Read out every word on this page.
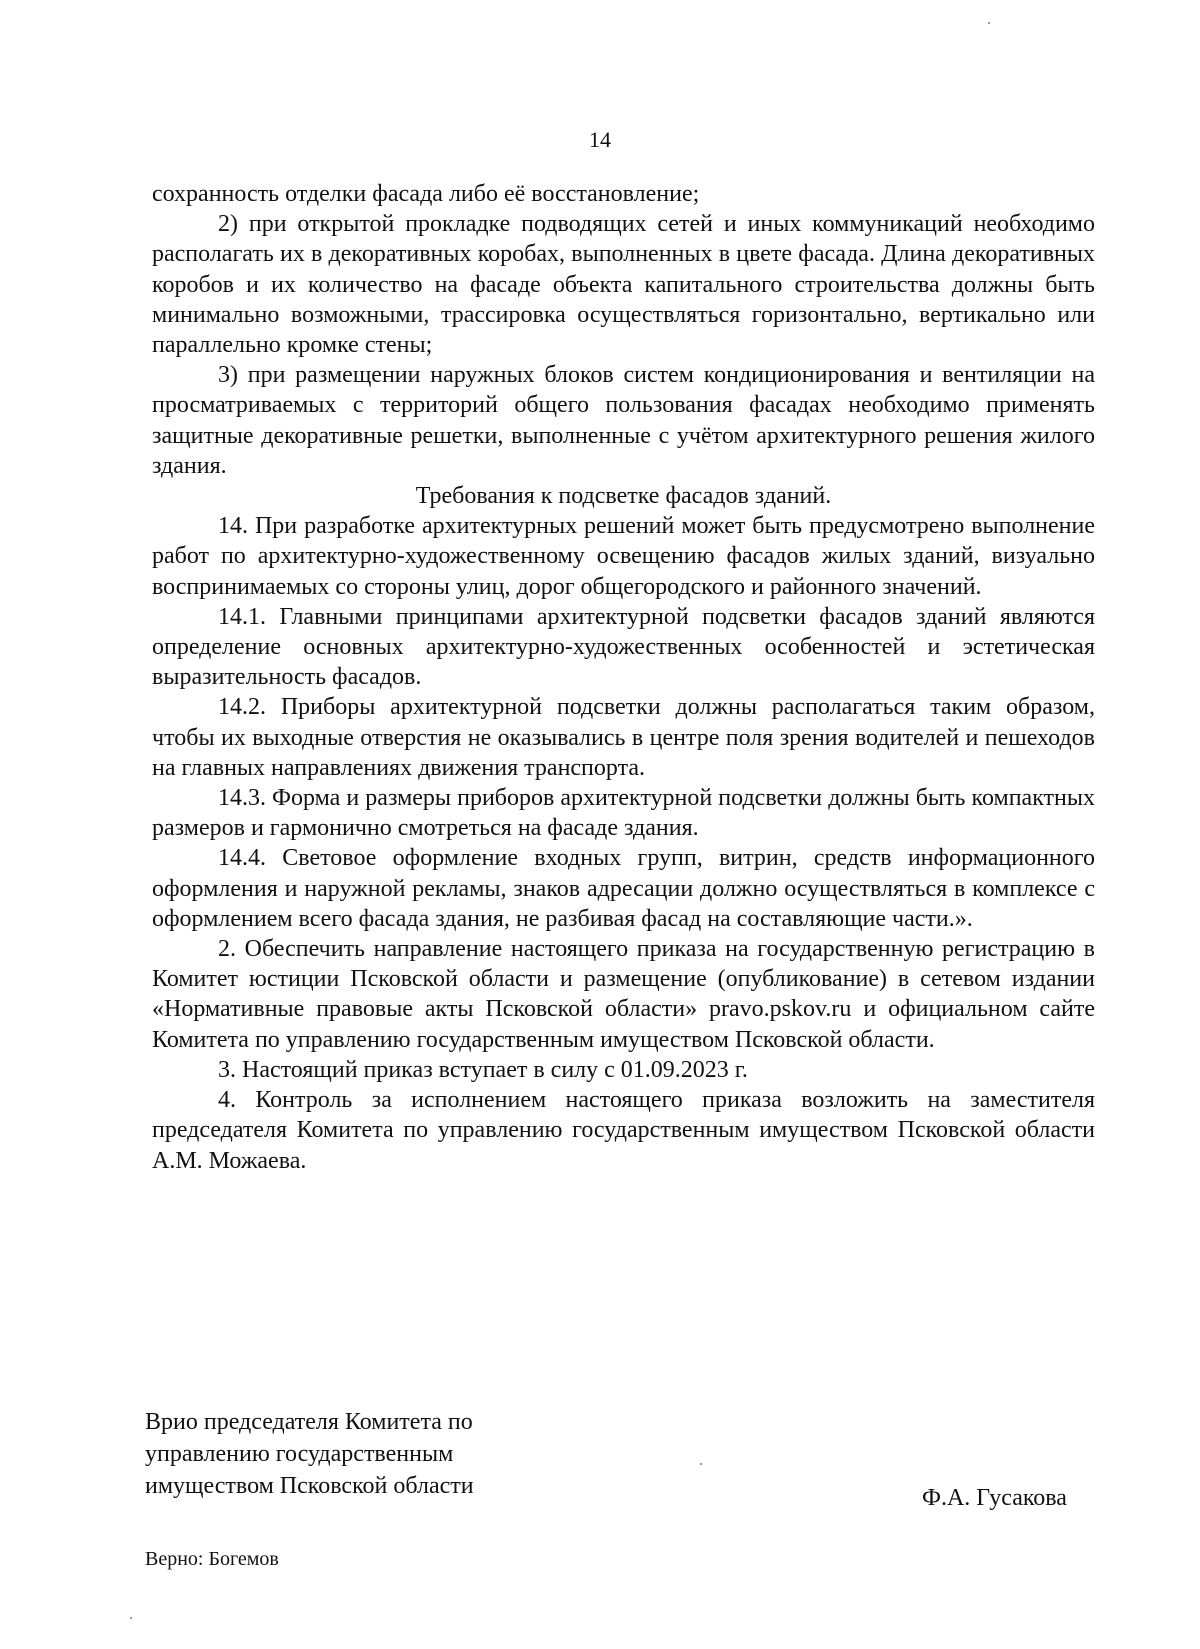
14

сохранность отделки фасада либо её восстановление;

2) при открытой прокладке подводящих сетей и иных коммуникаций необходимо располагать их в декоративных коробах, выполненных в цвете фасада. Длина декоративных коробов и их количество на фасаде объекта капитального строительства должны быть минимально возможными, трассировка осуществляться горизонтально, вертикально или параллельно кромке стены;

3) при размещении наружных блоков систем кондиционирования и вентиляции на просматриваемых с территорий общего пользования фасадах необходимо применять защитные декоративные решетки, выполненные с учётом архитектурного решения жилого здания.

Требования к подсветке фасадов зданий.

14. При разработке архитектурных решений может быть предусмотрено выполнение работ по архитектурно-художественному освещению фасадов жилых зданий, визуально воспринимаемых со стороны улиц, дорог общегородского и районного значений.

14.1. Главными принципами архитектурной подсветки фасадов зданий являются определение основных архитектурно-художественных особенностей и эстетическая выразительность фасадов.

14.2. Приборы архитектурной подсветки должны располагаться таким образом, чтобы их выходные отверстия не оказывались в центре поля зрения водителей и пешеходов на главных направлениях движения транспорта.

14.3. Форма и размеры приборов архитектурной подсветки должны быть компактных размеров и гармонично смотреться на фасаде здания.

14.4. Световое оформление входных групп, витрин, средств информационного оформления и наружной рекламы, знаков адресации должно осуществляться в комплексе с оформлением всего фасада здания, не разбивая фасад на составляющие части.».

2. Обеспечить направление настоящего приказа на государственную регистрацию в Комитет юстиции Псковской области и размещение (опубликование) в сетевом издании «Нормативные правовые акты Псковской области» pravo.pskov.ru и официальном сайте Комитета по управлению государственным имуществом Псковской области.

3. Настоящий приказ вступает в силу с 01.09.2023 г.

4. Контроль за исполнением настоящего приказа возложить на заместителя председателя Комитета по управлению государственным имуществом Псковской области А.М. Можаева.

Врио председателя Комитета по
управлению государственным
имуществом Псковской области	Ф.А. Гусакова
Верно: Богемов
